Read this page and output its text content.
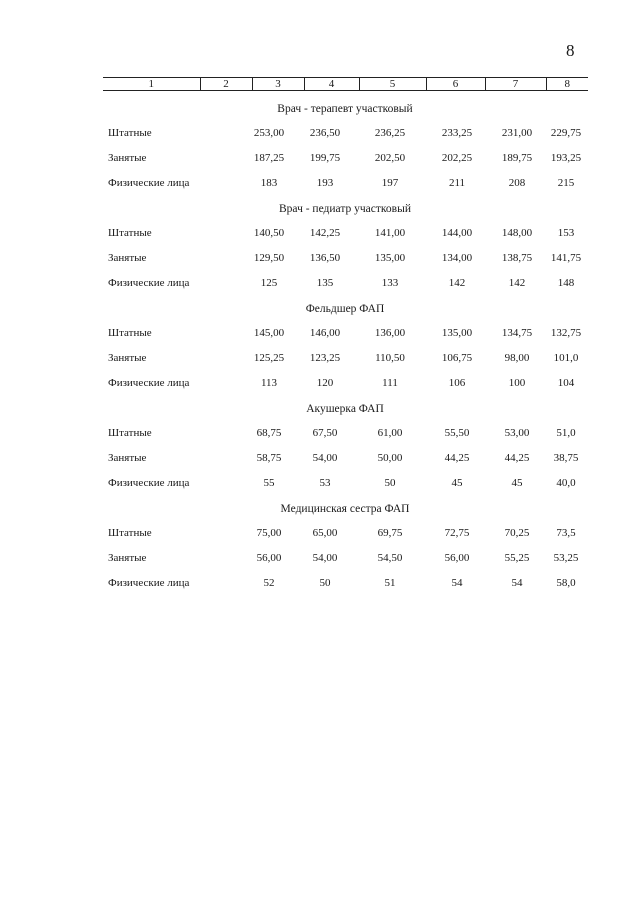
8
1	2	3	4	5	6	7	8
Врач - терапевт участковый
Штатные	253,00	236,50	236,25	233,25	231,00	229,75
Занятые	187,25	199,75	202,50	202,25	189,75	193,25
Физические лица	183	193	197	211	208	215
Врач - педиатр участковый
Штатные	140,50	142,25	141,00	144,00	148,00	153
Занятые	129,50	136,50	135,00	134,00	138,75	141,75
Физические лица	125	135	133	142	142	148
Фельдшер ФАП
Штатные	145,00	146,00	136,00	135,00	134,75	132,75
Занятые	125,25	123,25	110,50	106,75	98,00	101,0
Физические лица	113	120	111	106	100	104
Акушерка ФАП
Штатные	68,75	67,50	61,00	55,50	53,00	51,0
Занятые	58,75	54,00	50,00	44,25	44,25	38,75
Физические лица	55	53	50	45	45	40,0
Медицинская сестра ФАП
Штатные	75,00	65,00	69,75	72,75	70,25	73,5
Занятые	56,00	54,00	54,50	56,00	55,25	53,25
Физические лица	52	50	51	54	54	58,0
